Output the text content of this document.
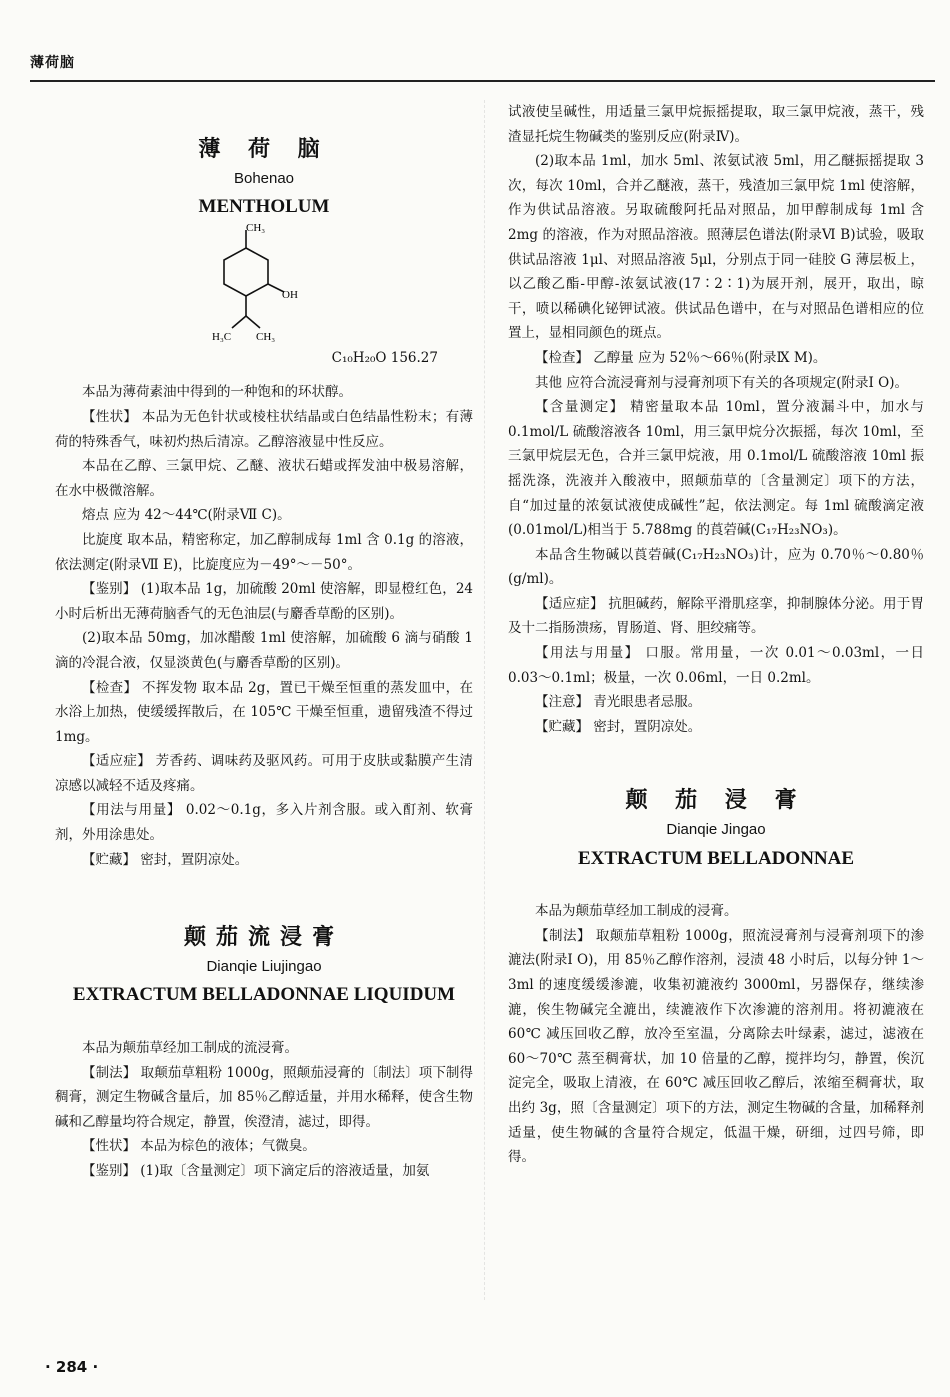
薄荷脑
薄 荷 脑
Bohenao
MENTHOLUM
CH₃
OH
H₃C CH₃
C₁₀H₂₀O 156.27

本品为薄荷素油中得到的一种饱和的环状醇。

【性状】 本品为无色针状或棱柱状结晶或白色结晶性粉末；有薄荷的特殊香气，味初灼热后清凉。乙醇溶液显中性反应。

本品在乙醇、三氯甲烷、乙醚、液状石蜡或挥发油中极易溶解，在水中极微溶解。

熔点 应为 42～44℃(附录Ⅶ C)。

比旋度 取本品，精密称定，加乙醇制成每 1ml 含 0.1g 的溶液，依法测定(附录Ⅶ E)，比旋度应为－49°～－50°。

【鉴别】 (1)取本品 1g，加硫酸 20ml 使溶解，即显橙红色，24 小时后析出无薄荷脑香气的无色油层(与麝香草酚的区别)。

(2)取本品 50mg，加冰醋酸 1ml 使溶解，加硫酸 6 滴与硝酸 1 滴的冷混合液，仅显淡黄色(与麝香草酚的区别)。

【检查】 不挥发物 取本品 2g，置已干燥至恒重的蒸发皿中，在水浴上加热，使缓缓挥散后，在 105℃ 干燥至恒重，遗留残渣不得过 1mg。

【适应症】 芳香药、调味药及驱风药。可用于皮肤或黏膜产生清凉感以减轻不适及疼痛。

【用法与用量】 0.02～0.1g，多入片剂含服。或入酊剂、软膏剂，外用涂患处。

【贮藏】 密封，置阴凉处。

颠茄流浸膏
Dianqie Liujingao
EXTRACTUM BELLADONNAE LIQUIDUM

本品为颠茄草经加工制成的流浸膏。

【制法】 取颠茄草粗粉 1000g，照颠茄浸膏的〔制法〕项下制得稠膏，测定生物碱含量后，加 85％乙醇适量，并用水稀释，使含生物碱和乙醇量均符合规定，静置，俟澄清，滤过，即得。

【性状】 本品为棕色的液体；气微臭。

【鉴别】 (1)取〔含量测定〕项下滴定后的溶液适量，加氨

试液使呈碱性，用适量三氯甲烷振摇提取，取三氯甲烷液，蒸干，残渣显托烷生物碱类的鉴别反应(附录Ⅳ)。

(2)取本品 1ml，加水 5ml、浓氨试液 5ml，用乙醚振摇提取 3 次，每次 10ml，合并乙醚液，蒸干，残渣加三氯甲烷 1ml 使溶解，作为供试品溶液。另取硫酸阿托品对照品，加甲醇制成每 1ml 含 2mg 的溶液，作为对照品溶液。照薄层色谱法(附录Ⅵ B)试验，吸取供试品溶液 1μl、对照品溶液 5μl，分别点于同一硅胶 G 薄层板上，以乙酸乙酯-甲醇-浓氨试液(17∶2∶1)为展开剂，展开，取出，晾干，喷以稀碘化铋钾试液。供试品色谱中，在与对照品色谱相应的位置上，显相同颜色的斑点。

【检查】 乙醇量 应为 52％～66％(附录Ⅸ M)。

其他 应符合流浸膏剂与浸膏剂项下有关的各项规定(附录Ⅰ O)。

【含量测定】 精密量取本品 10ml，置分液漏斗中，加水与 0.1mol/L 硫酸溶液各 10ml，用三氯甲烷分次振摇，每次 10ml，至三氯甲烷层无色，合并三氯甲烷液，用 0.1mol/L 硫酸溶液 10ml 振摇洗涤，洗液并入酸液中，照颠茄草的〔含量测定〕项下的方法，自“加过量的浓氨试液使成碱性”起，依法测定。每 1ml 硫酸滴定液(0.01mol/L)相当于 5.788mg 的莨菪碱(C₁₇H₂₃NO₃)。

本品含生物碱以莨菪碱(C₁₇H₂₃NO₃)计，应为 0.70％～0.80％(g/ml)。

【适应症】 抗胆碱药，解除平滑肌痉挛，抑制腺体分泌。用于胃及十二指肠溃疡，胃肠道、肾、胆绞痛等。

【用法与用量】 口服。常用量，一次 0.01～0.03ml，一日 0.03～0.1ml；极量，一次 0.06ml，一日 0.2ml。

【注意】 青光眼患者忌服。

【贮藏】 密封，置阴凉处。

颠 茄 浸 膏
Dianqie Jingao
EXTRACTUM BELLADONNAE

本品为颠茄草经加工制成的浸膏。

【制法】 取颠茄草粗粉 1000g，照流浸膏剂与浸膏剂项下的渗漉法(附录Ⅰ O)，用 85％乙醇作溶剂，浸渍 48 小时后，以每分钟 1～3ml 的速度缓缓渗漉，收集初漉液约 3000ml，另器保存，继续渗漉，俟生物碱完全漉出，续漉液作下次渗漉的溶剂用。将初漉液在 60℃ 减压回收乙醇，放冷至室温，分离除去叶绿素，滤过，滤液在 60～70℃ 蒸至稠膏状，加 10 倍量的乙醇，搅拌均匀，静置，俟沉淀完全，吸取上清液，在 60℃ 减压回收乙醇后，浓缩至稠膏状，取出约 3g，照〔含量测定〕项下的方法，测定生物碱的含量，加稀释剂适量，使生物碱的含量符合规定，低温干燥，研细，过四号筛，即得。

· 284 ·
